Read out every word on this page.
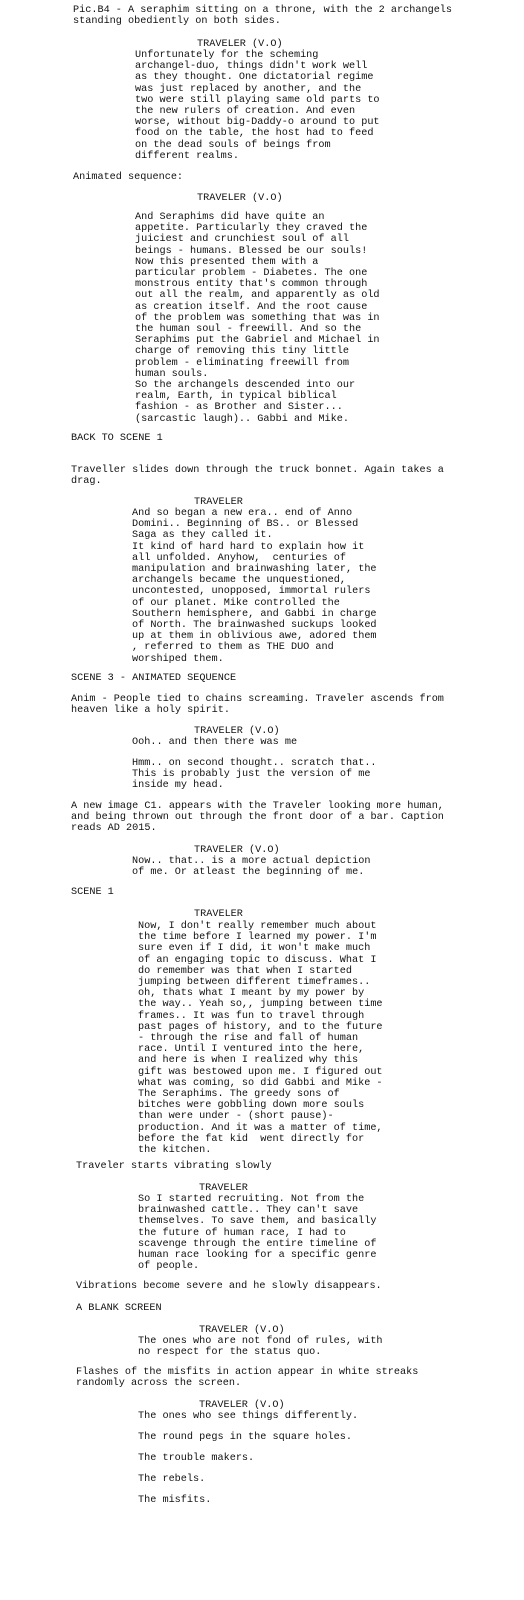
Pic.B4 - A seraphim sitting on a throne, with the 2 archangels
standing obediently on both sides.
TRAVELER (V.O)
Unfortunately for the scheming
archangel-duo, things didn't work well
as they thought. One dictatorial regime
was just replaced by another, and the
two were still playing same old parts to
the new rulers of creation. And even
worse, without big-Daddy-o around to put
food on the table, the host had to feed
on the dead souls of beings from
different realms.
Animated sequence:
TRAVELER (V.O)
And Seraphims did have quite an
appetite. Particularly they craved the
juiciest and crunchiest soul of all
beings - humans. Blessed be our souls!
Now this presented them with a
particular problem - Diabetes. The one
monstrous entity that's common through
out all the realm, and apparently as old
as creation itself. And the root cause
of the problem was something that was in
the human soul - freewill. And so the
Seraphims put the Gabriel and Michael in
charge of removing this tiny little
problem - eliminating freewill from
human souls.
So the archangels descended into our
realm, Earth, in typical biblical
fashion - as Brother and Sister...
(sarcastic laugh).. Gabbi and Mike.
BACK TO SCENE 1
Traveller slides down through the truck bonnet. Again takes a
drag.
TRAVELER
And so began a new era.. end of Anno
Domini.. Beginning of BS.. or Blessed
Saga as they called it.
It kind of hard hard to explain how it
all unfolded. Anyhow,  centuries of
manipulation and brainwashing later, the
archangels became the unquestioned,
uncontested, unopposed, immortal rulers
of our planet. Mike controlled the
Southern hemisphere, and Gabbi in charge
of North. The brainwashed suckups looked
up at them in oblivious awe, adored them
, referred to them as THE DUO and
worshiped them.
SCENE 3 - ANIMATED SEQUENCE
Anim - People tied to chains screaming. Traveler ascends from
heaven like a holy spirit.
TRAVELER (V.O)
Ooh.. and then there was me
Hmm.. on second thought.. scratch that..
This is probably just the version of me
inside my head.
A new image C1. appears with the Traveler looking more human,
and being thrown out through the front door of a bar. Caption
reads AD 2015.
TRAVELER (V.O)
Now.. that.. is a more actual depiction
of me. Or atleast the beginning of me.
SCENE 1
TRAVELER
Now, I don't really remember much about
the time before I learned my power. I'm
sure even if I did, it won't make much
of an engaging topic to discuss. What I
do remember was that when I started
jumping between different timeframes..
oh, thats what I meant by my power by
the way.. Yeah so,, jumping between time
frames.. It was fun to travel through
past pages of history, and to the future
- through the rise and fall of human
race. Until I ventured into the here,
and here is when I realized why this
gift was bestowed upon me. I figured out
what was coming, so did Gabbi and Mike -
The Seraphims. The greedy sons of
bitches were gobbling down more souls
than were under - (short pause)-
production. And it was a matter of time,
before the fat kid  went directly for
the kitchen.
Traveler starts vibrating slowly
TRAVELER
So I started recruiting. Not from the
brainwashed cattle.. They can't save
themselves. To save them, and basically
the future of human race, I had to
scavenge through the entire timeline of
human race looking for a specific genre
of people.
Vibrations become severe and he slowly disappears.
A BLANK SCREEN
TRAVELER (V.O)
The ones who are not fond of rules, with
no respect for the status quo.
Flashes of the misfits in action appear in white streaks
randomly across the screen.
TRAVELER (V.O)
The ones who see things differently.
The round pegs in the square holes.
The trouble makers.
The rebels.
The misfits.
